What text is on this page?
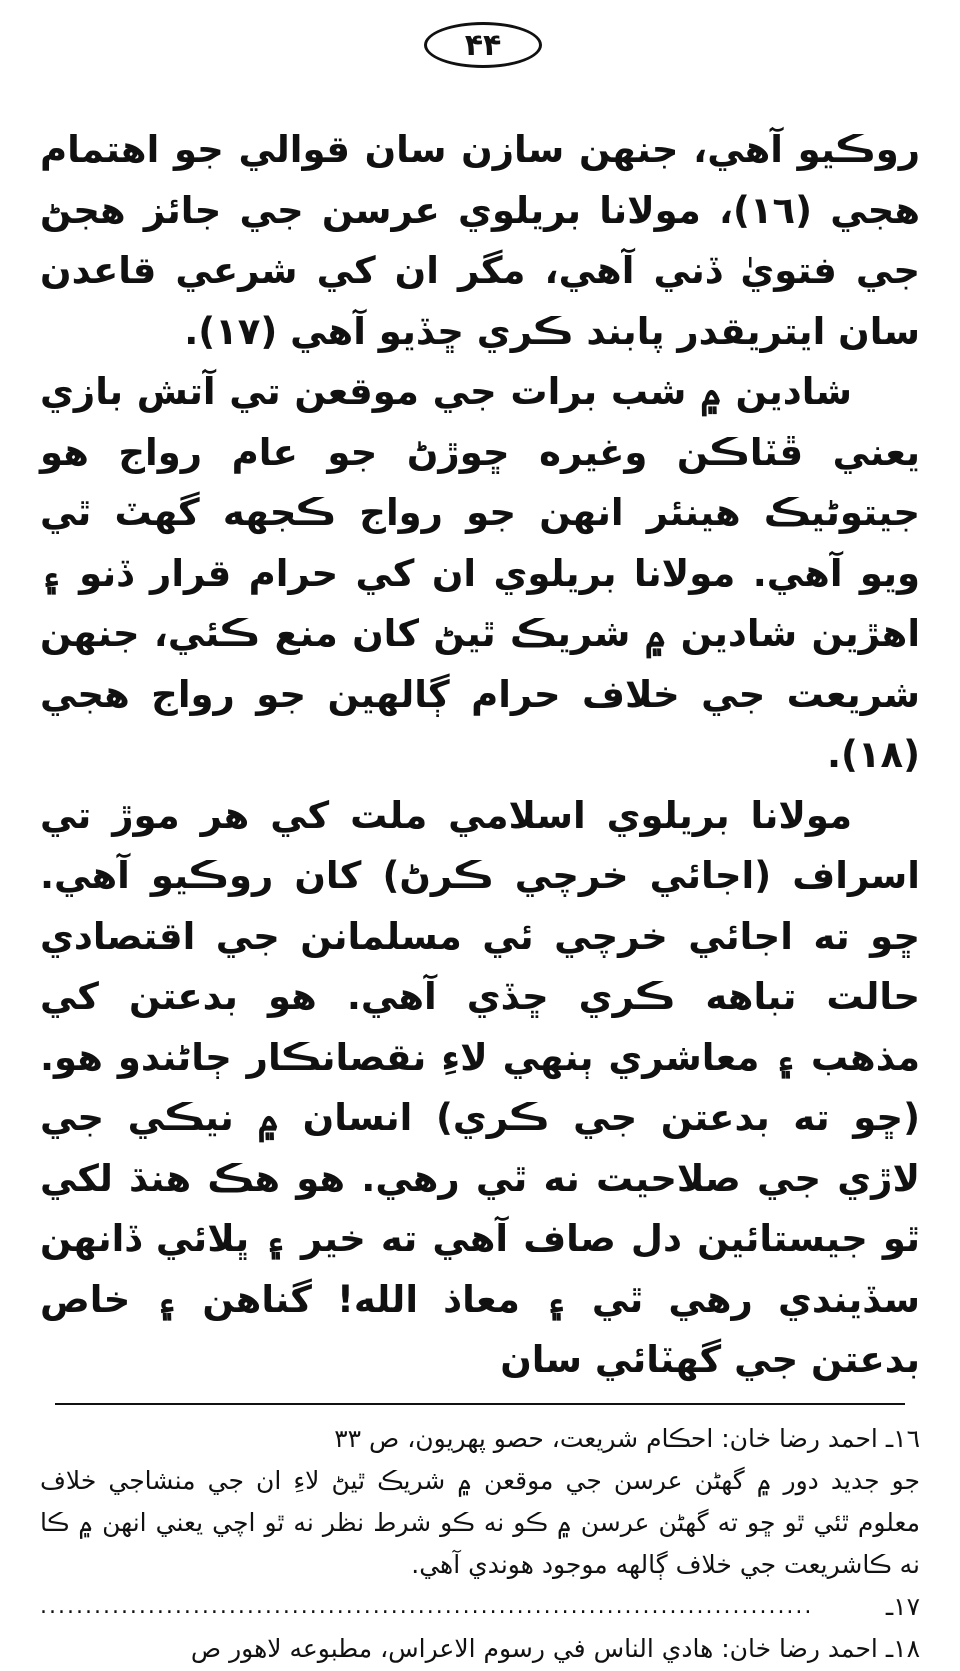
۴۴

روڪيو آهي، جنهن سازن سان قوالي جو اهتمام هجي (١٦)، مولانا بريلوي عرسن جي جائز هجڻ جي فتويٰ ڏني آهي، مگر ان کي شرعي قاعدن سان ايتريقدر پابند ڪري ڇڏيو آهي (١٧).

شادين ۾ شب برات جي موقعن تي آتش بازي يعني ڦٽاڪن وغيره ڇوڙڻ جو عام رواج هو جيتوڻيڪ هينئر انهن جو رواج ڪجهه گهٽ ٿي ويو آهي. مولانا بريلوي ان کي حرام قرار ڏنو ۽ اهڙين شادين ۾ شريڪ ٿيڻ کان منع ڪئي، جنهن شريعت جي خلاف حرام ڳالهين جو رواج هجي (١٨).

مولانا بريلوي اسلامي ملت کي هر موڙ تي اسراف (اجائي خرچي ڪرڻ) کان روڪيو آهي. ڇو ته اجائي خرچي ئي مسلمانن جي اقتصادي حالت تباهه ڪري ڇڏي آهي. هو بدعتن کي مذهب ۽ معاشري ٻنهي لاءِ نقصانڪار ڄاڻندو هو. (ڇو ته بدعتن جي ڪري) انسان ۾ نيڪي جي لاڙي جي صلاحيت نه ٿي رهي. هو هڪ هنڌ لکي ٿو جيستائين دل صاف آهي ته خير ۽ ڀلائي ڏانهن سڏيندي رهي ٿي ۽ معاذ الله! گناهن ۽ خاص بدعتن جي گهٽائي سان

١٦ـ احمد رضا خان: احڪام شريعت، حصو پهريون، ص ٣٣

جو جديد دور ۾ گهڻن عرسن جي موقعن ۾ شريڪ ٿيڻ لاءِ ان جي منشاجي خلاف معلوم ٿئي ٿو ڇو ته گهڻن عرسن ۾ ڪو نه ڪو شرط نظر نه ٿو اچي يعني انهن ۾ ڪا نه ڪاشريعت جي خلاف ڳالهه موجود هوندي آهي.

١٧ـ
......................................................................................

١٨ـ احمد رضا خان: هادي الناس في رسوم الاعراس، مطبوعه لاهور ص
